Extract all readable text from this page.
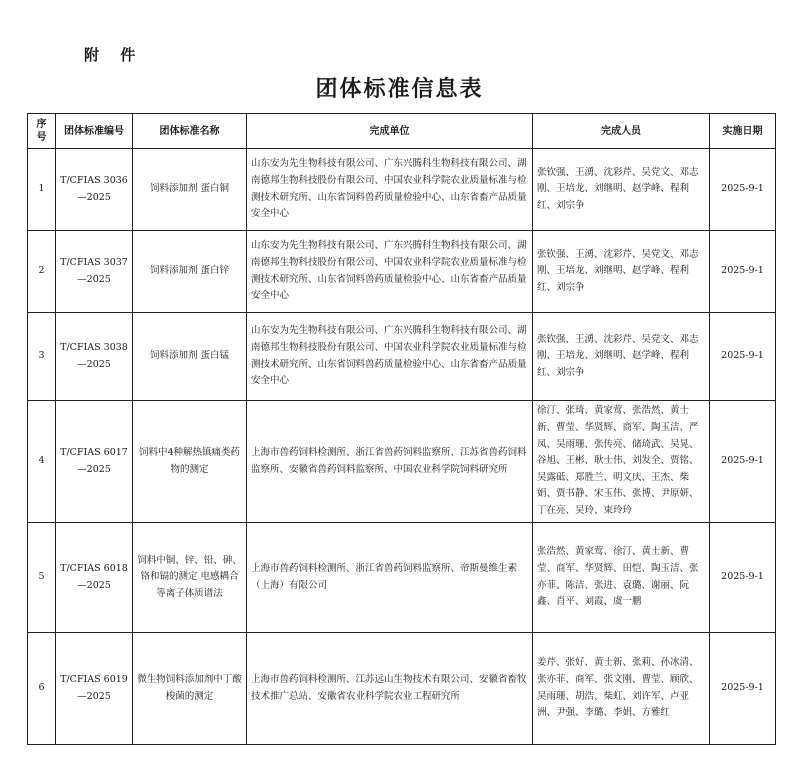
附 件
团体标准信息表
序号	团体标准编号	团体标准名称	完成单位	完成人员	实施日期
1	T/CFIAS 3036—2025	饲料添加剂 蛋白铜	山东安为先生物科技有限公司、广东兴腾科生物科技有限公司、湖南德邦生物科技股份有限公司、中国农业科学院农业质量标准与检测技术研究所、山东省饲料兽药质量检验中心、山东省畜产品质量安全中心	张钦强、王湧、沈彩芹、吴党文、邓志刚、王培龙、刘继明、赵学峰、程利红、刘宗争	2025-9-1
2	T/CFIAS 3037—2025	饲料添加剂 蛋白锌	山东安为先生物科技有限公司、广东兴腾科生物科技有限公司、湖南德邦生物科技股份有限公司、中国农业科学院农业质量标准与检测技术研究所、山东省饲料兽药质量检验中心、山东省畜产品质量安全中心	张钦强、王湧、沈彩芹、吴党文、邓志刚、王培龙、刘继明、赵学峰、程利红、刘宗争	2025-9-1
3	T/CFIAS 3038—2025	饲料添加剂 蛋白锰	山东安为先生物科技有限公司、广东兴腾科生物科技有限公司、湖南德邦生物科技股份有限公司、中国农业科学院农业质量标准与检测技术研究所、山东省饲料兽药质量检验中心、山东省畜产品质量安全中心	张钦强、王湧、沈彩芹、吴党文、邓志刚、王培龙、刘继明、赵学峰、程利红、刘宗争	2025-9-1
4	T/CFIAS 6017—2025	饲料中4种解热镇痛类药物的测定	上海市兽药饲料检测所、浙江省兽药饲料监察所、江苏省兽药饲料监察所、安徽省兽药饲料监察所、中国农业科学院饲料研究所	徐汀、张琦、黄家莺、张浩然、黄士新、曹莹、华贤辉、商军、陶玉洁、严凤、吴雨珊、张传亮、储琦武、吴晃、谷旭、王彬、耿士伟、刘发全、贾铭、吴露砥、郑胜兰、明文庆、王杰、柴娟、贾书静、宋玉伟、张博、尹原妍、丁在亮、吴玲、束玲玲	2025-9-1
5	T/CFIAS 6018—2025	饲料中铜、锌、铅、砷、铬和镉的测定 电感耦合等离子体质谱法	上海市兽药饲料检测所、浙江省兽药饲料监察所、帝斯曼维生素（上海）有限公司	张浩然、黄家莺、徐汀、黄士新、曹莹、商军、华贤辉、田恺、陶玉洁、张亦菲、陈洁、张进、袁璐、谢丽、阮鑫、肖平、刘霞、虞一鹏	2025-9-1
6	T/CFIAS 6019—2025	微生物饲料添加剂中丁酸梭菌的测定	上海市兽药饲料检测所、江苏远山生物技术有限公司、安徽省畜牧技术推广总站、安徽省农业科学院农业工程研究所	姜芹、张好、黄士新、张莉、孙冰清、张亦菲、商军、张文刚、曹莹、顾欣、吴雨珊、胡浩、柴虹、刘许军、卢亚洲、尹强、李璐、李娟、方雅红	2025-9-1
